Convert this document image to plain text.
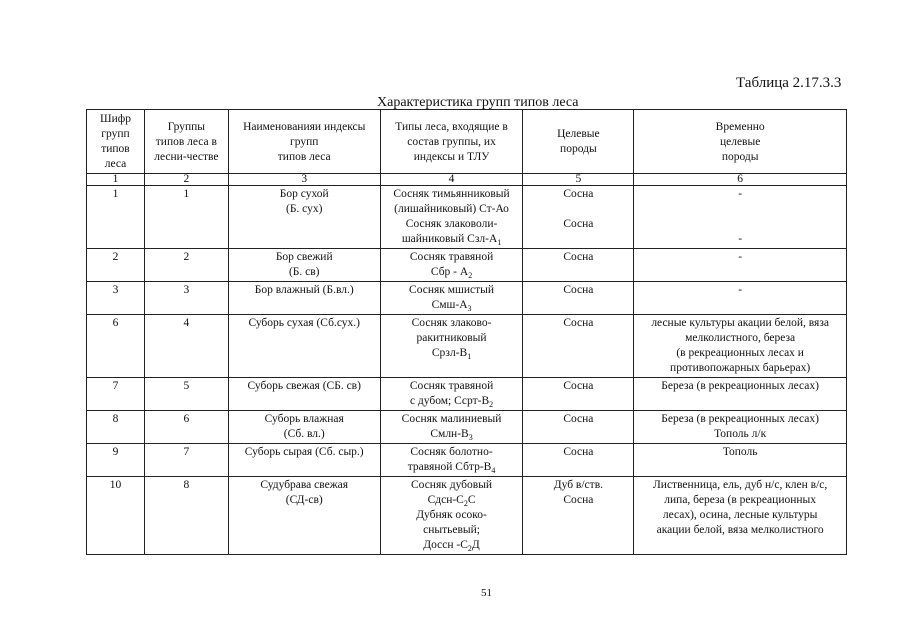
Таблица 2.17.3.3
Характеристика групп типов леса
Шифр
групп
типов
леса	Группы
типов леса в
лесни-честве	Наименованияи индексы
групп
типов леса	Типы леса, входящие в
состав группы, их
индексы и ТЛУ	Целевые
породы	Временно
целевые
породы

1	2	3	4	5	6
1	1	Бор сухой
(Б. сух)	Сосняк тимьянниковый
(лишайниковый) Ст-Ао
Сосняк злаковоли-
шайниковый Сзл-$А_1$	Сосна

Сосна	-

-

2	2	Бор свежий
(Б. св)	Сосняк травяной
Сбр - $А_2$	Сосна	-

3	3	Бор влажный (Б.вл.)	Сосняк мшистый
Смш-$А_3$	Сосна	-

6	4	Суборь сухая (Сб.сух.)	Сосняк злаково-
ракитниковый
Срзл-$В_1$	Сосна	лесные культуры акации белой, вяза
мелколистного, береза
(в рекреационных лесах и
противопожарных барьерах)

7	5	Суборь свежая (СБ. св)	Сосняк травяной
с дубом; Ссрт-$В_2$	Сосна	Береза (в рекреационных лесах)

8	6	Суборь влажная
(Сб. вл.)	Сосняк малиниевый
Смлн-$В_3$	Сосна	Береза (в рекреационных лесах)
Тополь л/к

9	7	Суборь сырая (Сб. сыр.)	Сосняк болотно-
травяной Сбтр-$В_4$	Сосна	Тополь

10	8	Судубрава свежая
(СД-св)	Сосняк дубовый
Сдсн-$С_2С$
Дубняк осоко-
снытьевый;
Доссн $-С_2Д$	Дуб в/ств.
Сосна	Лиственница, ель, дуб н/с, клен в/с,
липа, береза (в рекреационных
лесах), осина, лесные культуры
акации белой, вяза мелколистного
51
